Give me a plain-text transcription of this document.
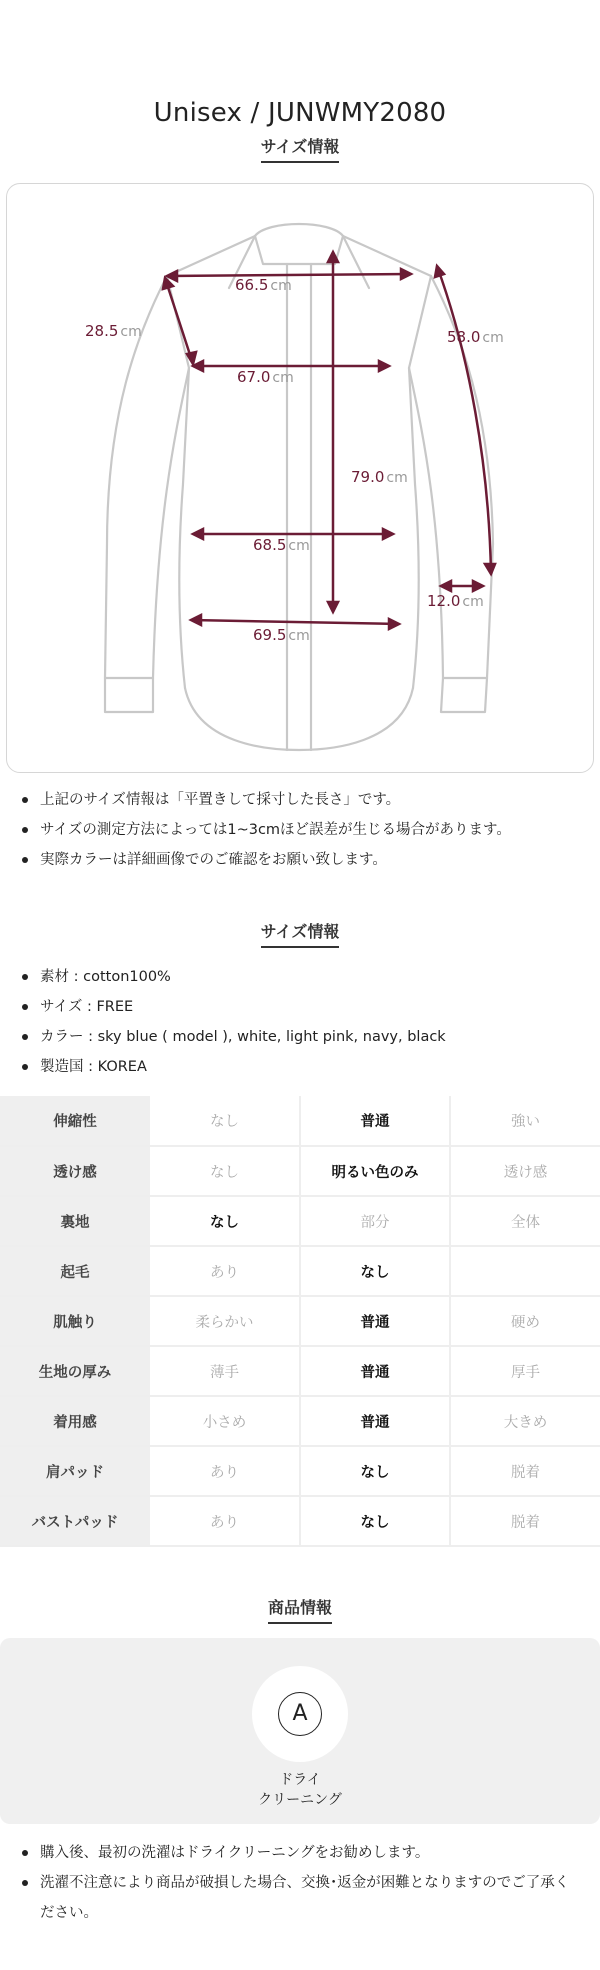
Unisex / JUNWMY2080
サイズ情報
66.5 cm
67.0 cm
68.5 cm
69.5 cm
28.5 cm	58.0 cm
79.0 cm
12.0 cm
上記のサイズ情報は「平置きして採寸した長さ」です。
サイズの測定方法によっては1~3cmほど誤差が生じる場合があります。
実際カラーは詳細画像でのご確認をお願い致します。
サイズ情報
素材 : cotton100%
サイズ : FREE
カラー : sky blue ( model ), white, light pink, navy, black
製造国 : KOREA
伸縮性	なし	普通	強い
透け感	なし	明るい色のみ	透け感
裏地	なし	部分	全体
起毛	あり	なし	
肌触り	柔らかい	普通	硬め
生地の厚み	薄手	普通	厚手
着用感	小さめ	普通	大きめ
肩パッド	あり	なし	脱着
バストパッド	あり	なし	脱着
商品情報
A
ドライ
クリーニング
購入後、最初の洗濯はドライクリーニングをお勧めします。
洗濯不注意により商品が破損した場合、交換･返金が困難となりますのでご了承ください。
